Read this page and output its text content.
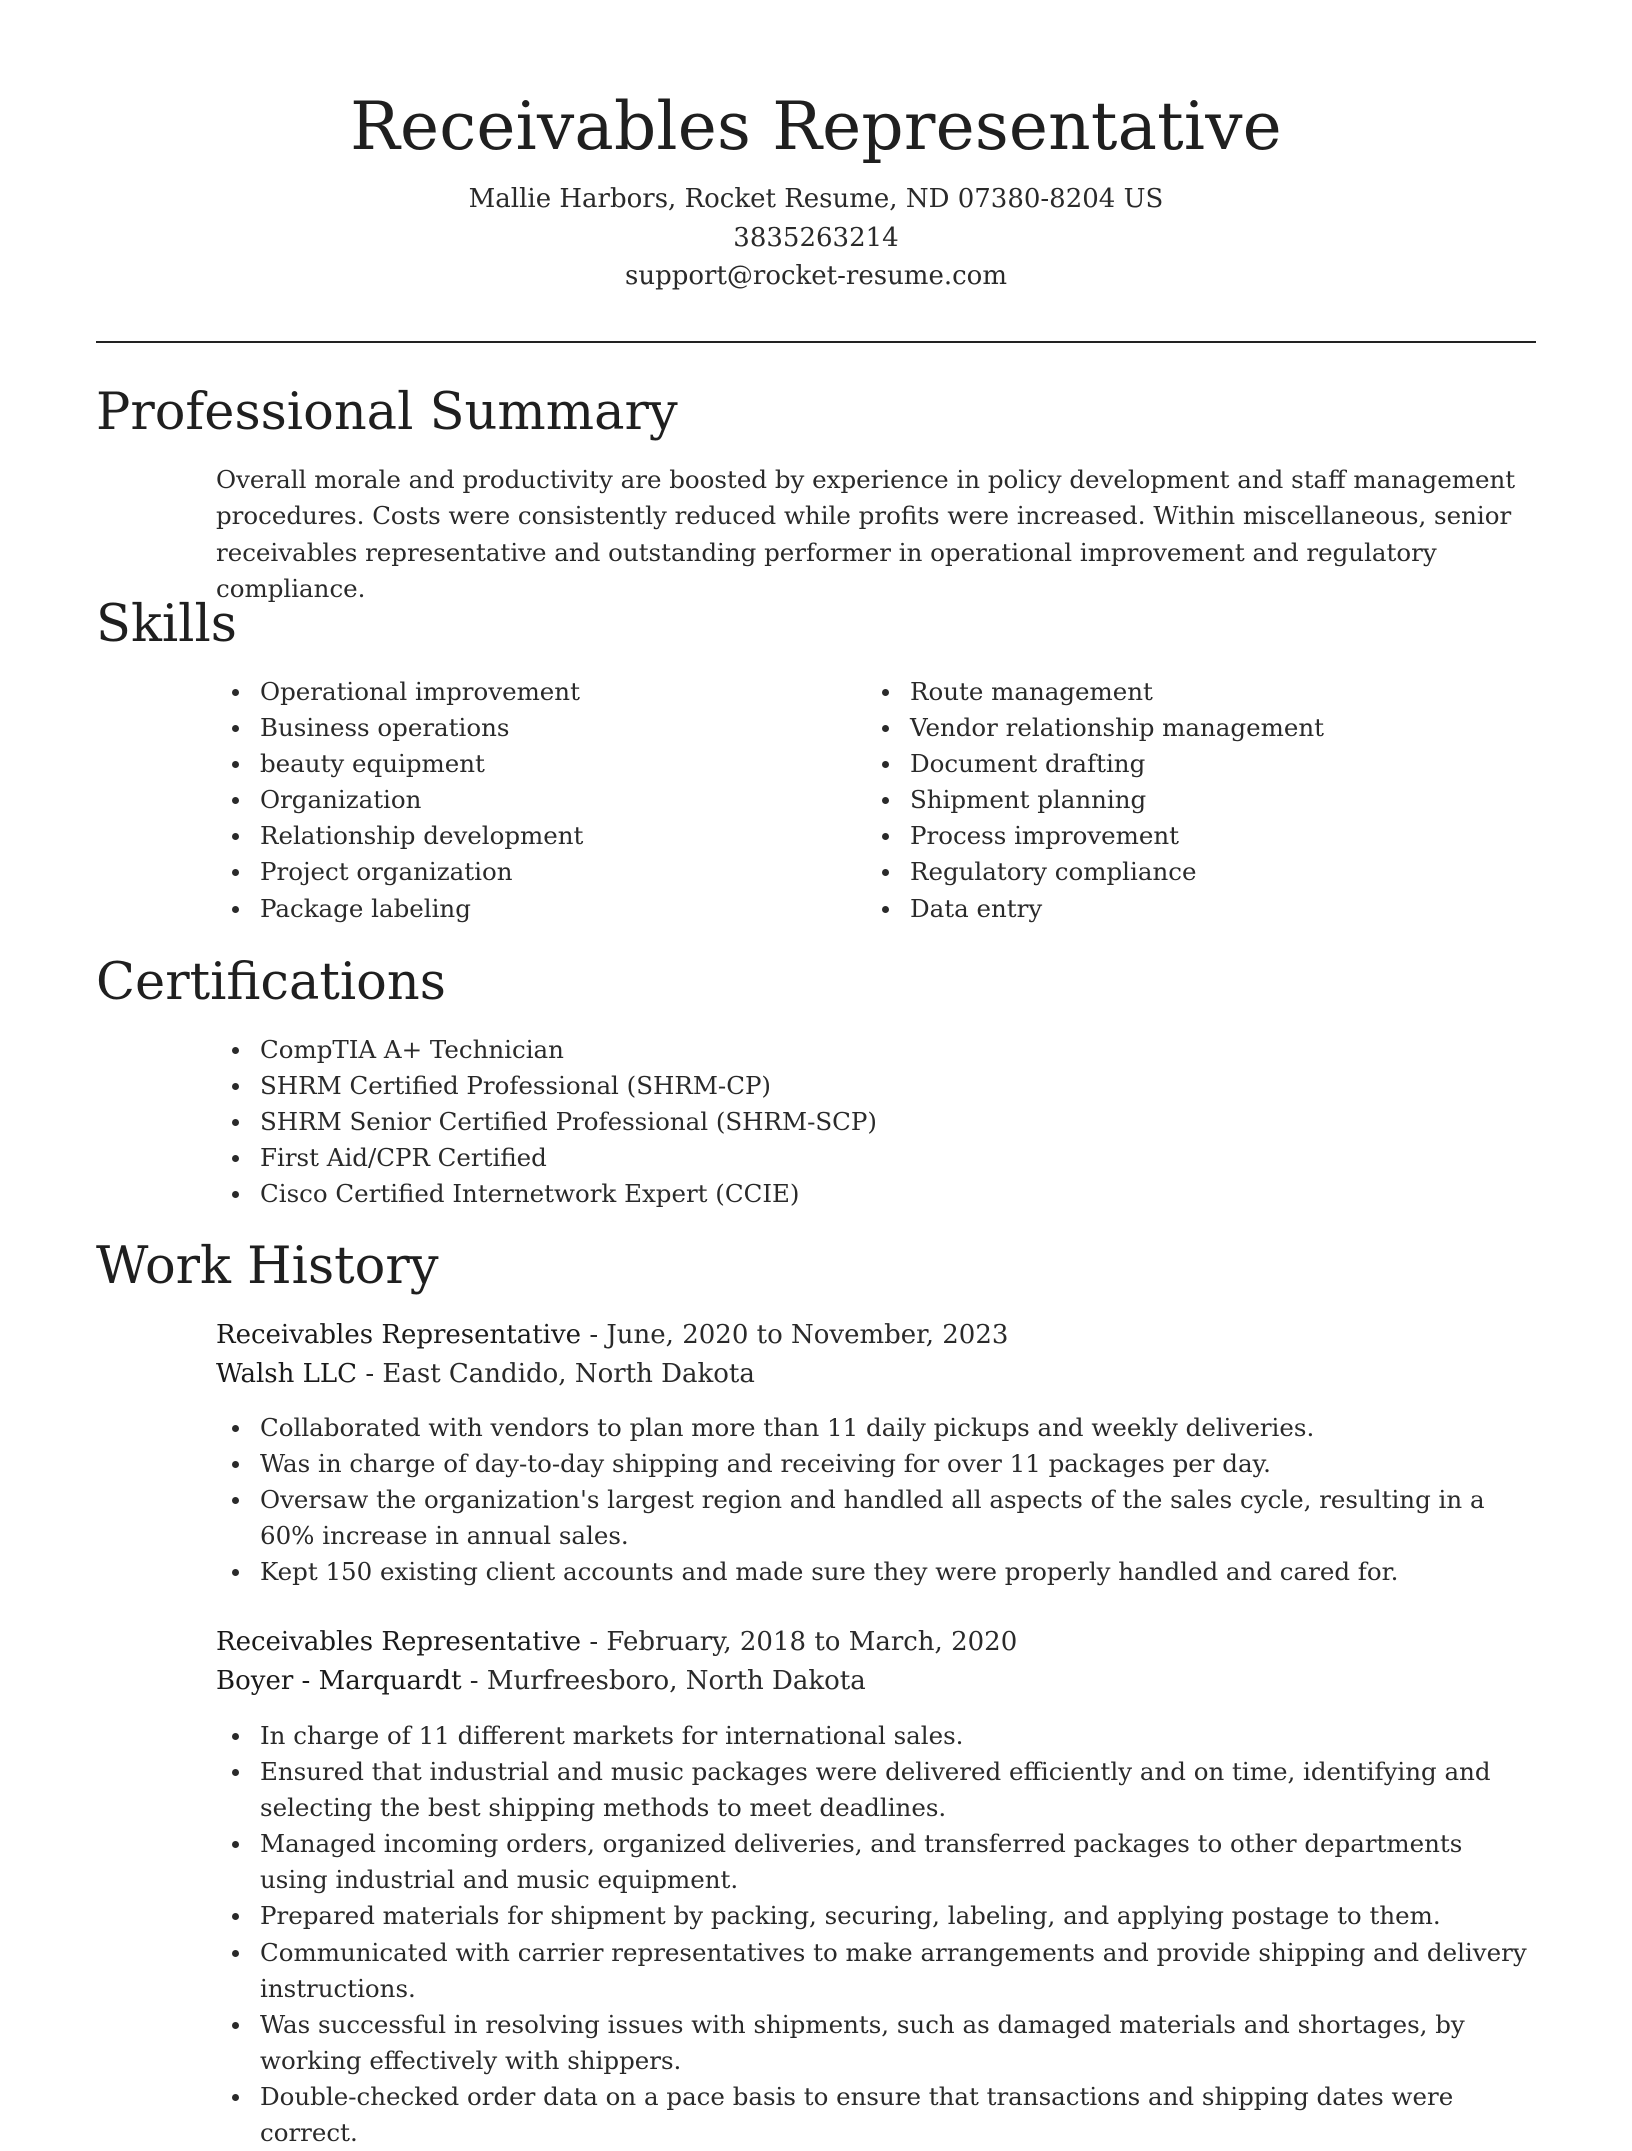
Receivables Representative
Mallie Harbors, Rocket Resume, ND 07380-8204 US
3835263214
support@rocket-resume.com
Professional Summary

Overall morale and productivity are boosted by experience in policy development and staff management procedures. Costs were consistently reduced while profits were increased. Within miscellaneous, senior receivables representative and outstanding performer in operational improvement and regulatory compliance.

Skills
Operational improvement
Business operations
beauty equipment
Organization
Relationship development
Project organization
Package labeling
Route management
Vendor relationship management
Document drafting
Shipment planning
Process improvement
Regulatory compliance
Data entry
Certifications
CompTIA A+ Technician
SHRM Certified Professional (SHRM-CP)
SHRM Senior Certified Professional (SHRM-SCP)
First Aid/CPR Certified
Cisco Certified Internetwork Expert (CCIE)
Work History
Receivables Representative - June, 2020 to November, 2023
Walsh LLC - East Candido, North Dakota
Collaborated with vendors to plan more than 11 daily pickups and weekly deliveries.
Was in charge of day-to-day shipping and receiving for over 11 packages per day.
Oversaw the organization's largest region and handled all aspects of the sales cycle, resulting in a 60% increase in annual sales.
Kept 150 existing client accounts and made sure they were properly handled and cared for.
Receivables Representative - February, 2018 to March, 2020
Boyer - Marquardt - Murfreesboro, North Dakota
In charge of 11 different markets for international sales.
Ensured that industrial and music packages were delivered efficiently and on time, identifying and selecting the best shipping methods to meet deadlines.
Managed incoming orders, organized deliveries, and transferred packages to other departments using industrial and music equipment.
Prepared materials for shipment by packing, securing, labeling, and applying postage to them.
Communicated with carrier representatives to make arrangements and provide shipping and delivery instructions.
Was successful in resolving issues with shipments, such as damaged materials and shortages, by working effectively with shippers.
Double-checked order data on a pace basis to ensure that transactions and shipping dates were correct.
